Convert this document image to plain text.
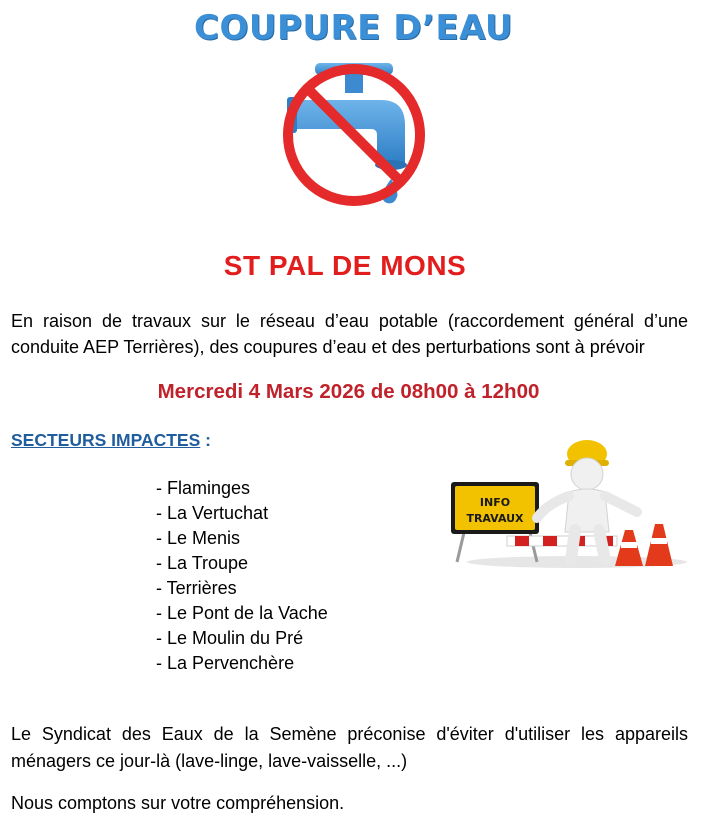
COUPURE D’EAU
ST PAL DE MONS
En raison de travaux sur le réseau d’eau potable (raccordement général d’une conduite AEP Terrières), des coupures d’eau et des perturbations sont à prévoir
Mercredi 4 Mars 2026 de 08h00 à 12h00
SECTEURS IMPACTES :
- Flaminges
- La Vertuchat
- Le Menis
- La Troupe
- Terrières
- Le Pont de la Vache
- Le Moulin du Pré
- La Pervenchère
INFO
TRAVAUX
Le Syndicat des Eaux de la Semène préconise d'éviter d'utiliser les appareils ménagers ce jour-là (lave-linge, lave-vaisselle, ...)
Nous comptons sur votre compréhension.
